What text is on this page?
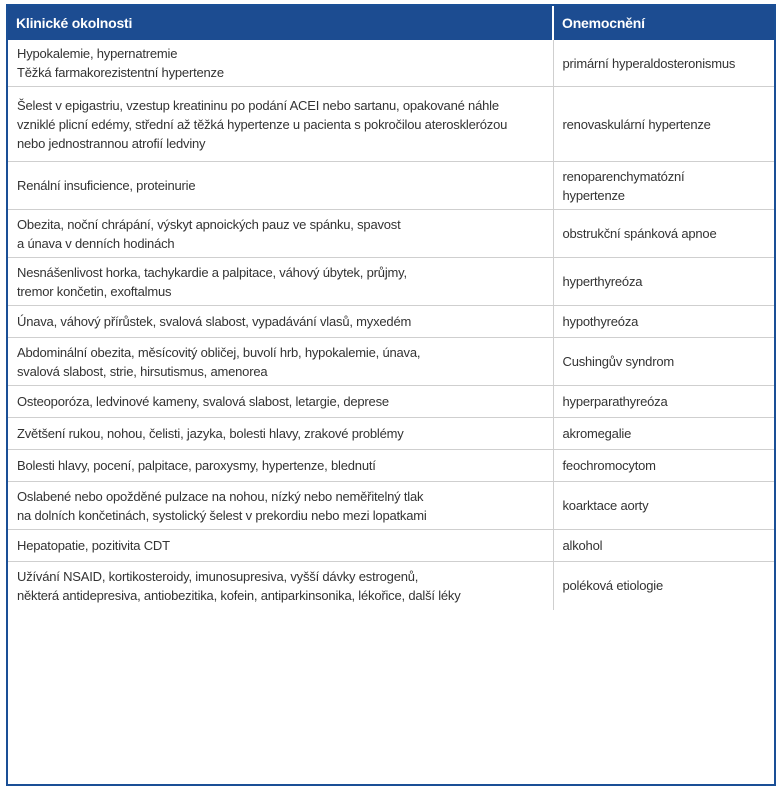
Klinické okolnosti	Onemocnění

Hypokalemie, hypernatremie
Těžká farmakorezistentní hypertenze	primární hyperaldosteronismus

Šelest v epigastriu, vzestup kreatininu po podání ACEI nebo sartanu, opakované náhle
vzniklé plicní edémy, střední až těžká hypertenze u pacienta s pokročilou aterosklerózou
nebo jednostrannou atrofií ledviny	renovaskulární hypertenze

Renální insuficience, proteinurie	renoparenchymatózní
hypertenze

Obezita, noční chrápání, výskyt apnoických pauz ve spánku, spavost
a únava v denních hodinách	obstrukční spánková apnoe

Nesnášenlivost horka, tachykardie a palpitace, váhový úbytek, průjmy,
tremor končetin, exoftalmus	hyperthyreóza

Únava, váhový přírůstek, svalová slabost, vypadávání vlasů, myxedém	hypothyreóza

Abdominální obezita, měsícovitý obličej, buvolí hrb, hypokalemie, únava,
svalová slabost, strie, hirsutismus, amenorea	Cushingův syndrom

Osteoporóza, ledvinové kameny, svalová slabost, letargie, deprese	hyperparathyreóza

Zvětšení rukou, nohou, čelisti, jazyka, bolesti hlavy, zrakové problémy	akromegalie

Bolesti hlavy, pocení, palpitace, paroxysmy, hypertenze, blednutí	feochromocytom

Oslabené nebo opožděné pulzace na nohou, nízký nebo neměřitelný tlak
na dolních končetinách, systolický šelest v prekordiu nebo mezi lopatkami	koarktace aorty

Hepatopatie, pozitivita CDT	alkohol

Užívání NSAID, kortikosteroidy, imunosupresiva, vyšší dávky estrogenů,
některá antidepresiva, antiobezitika, kofein, antiparkinsonika, lékořice, další léky	poléková etiologie
